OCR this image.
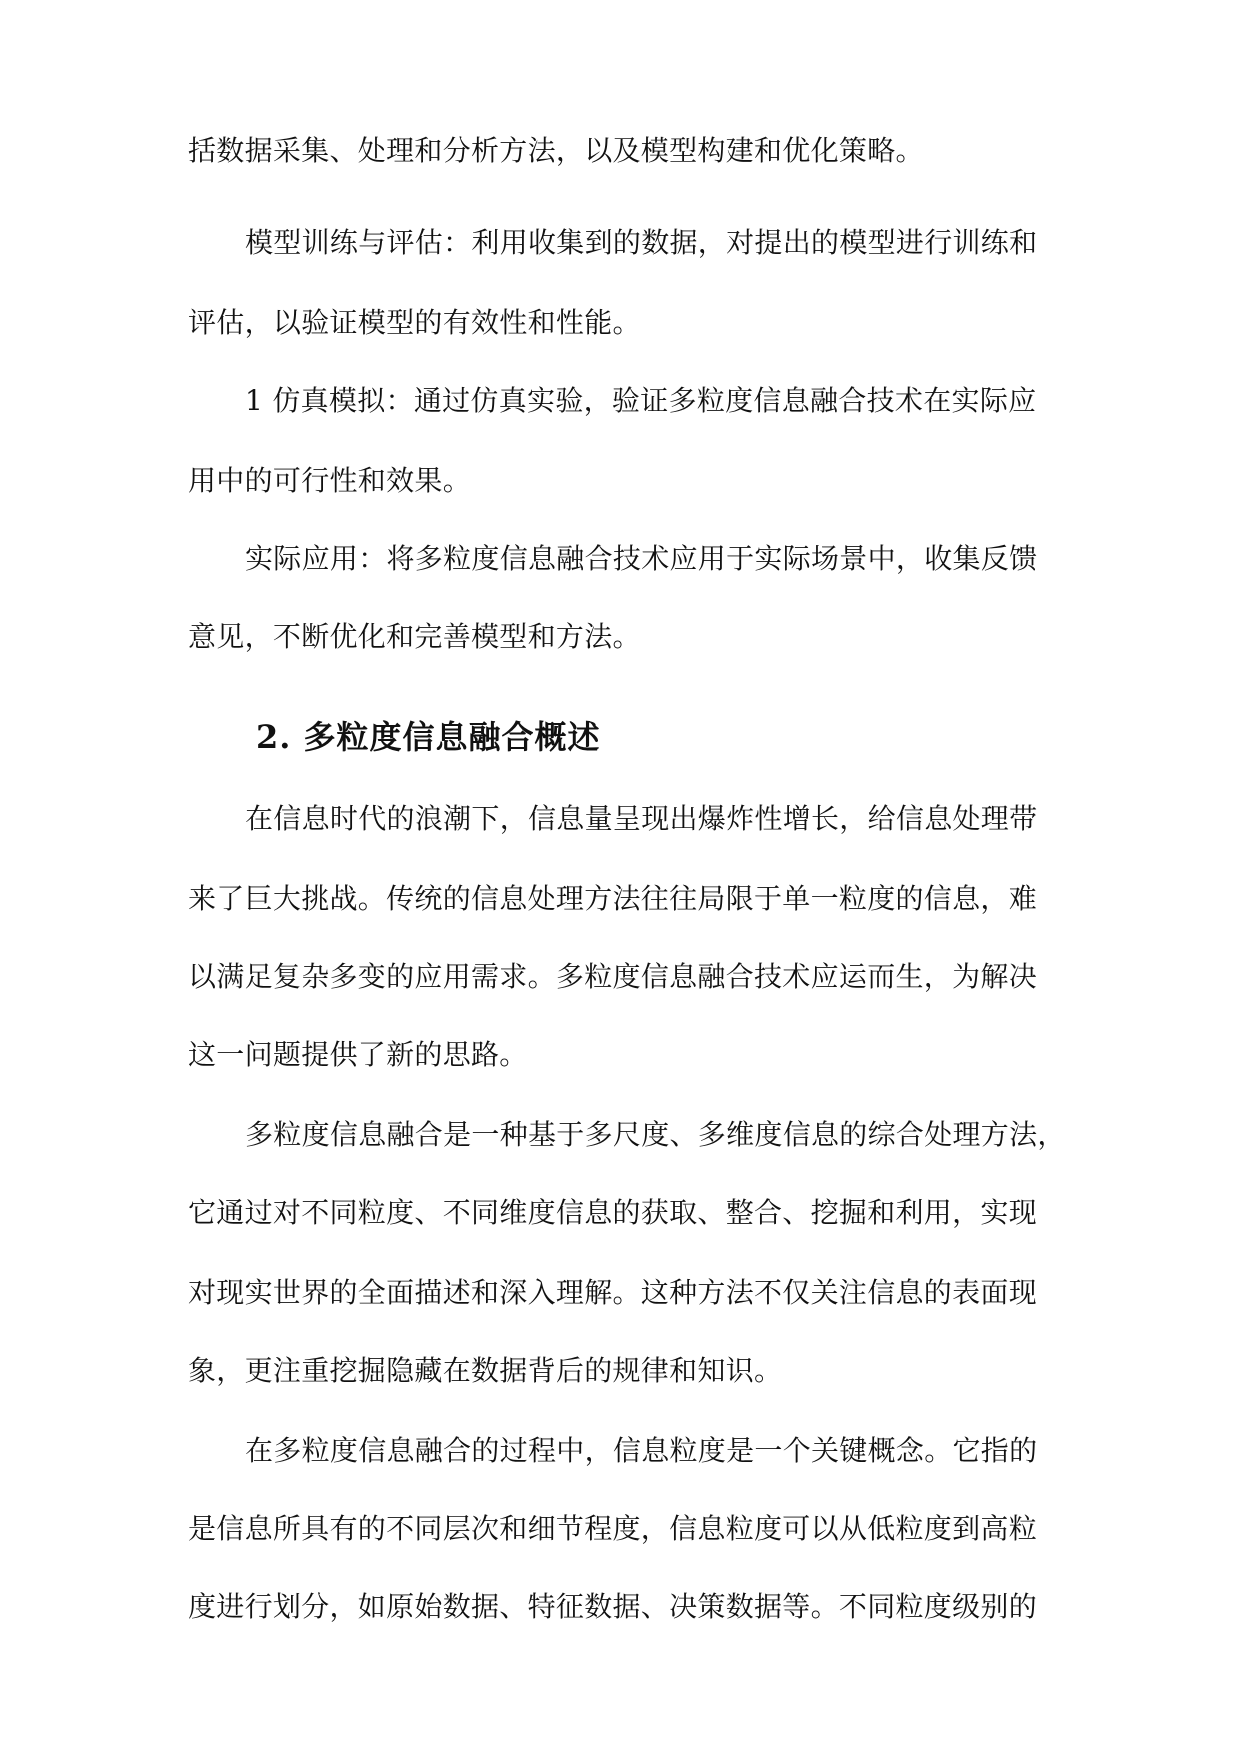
括数据采集、处理和分析方法，以及模型构建和优化策略。
模型训练与评估：利用收集到的数据，对提出的模型进行训练和
评估，以验证模型的有效性和性能。
1 仿真模拟：通过仿真实验，验证多粒度信息融合技术在实际应
用中的可行性和效果。
实际应用：将多粒度信息融合技术应用于实际场景中，收集反馈
意见，不断优化和完善模型和方法。
2. 多粒度信息融合概述
在信息时代的浪潮下，信息量呈现出爆炸性增长，给信息处理带
来了巨大挑战。传统的信息处理方法往往局限于单一粒度的信息，难
以满足复杂多变的应用需求。多粒度信息融合技术应运而生，为解决
这一问题提供了新的思路。
多粒度信息融合是一种基于多尺度、多维度信息的综合处理方法，
它通过对不同粒度、不同维度信息的获取、整合、挖掘和利用，实现
对现实世界的全面描述和深入理解。这种方法不仅关注信息的表面现
象，更注重挖掘隐藏在数据背后的规律和知识。
在多粒度信息融合的过程中，信息粒度是一个关键概念。它指的
是信息所具有的不同层次和细节程度，信息粒度可以从低粒度到高粒
度进行划分，如原始数据、特征数据、决策数据等。不同粒度级别的
